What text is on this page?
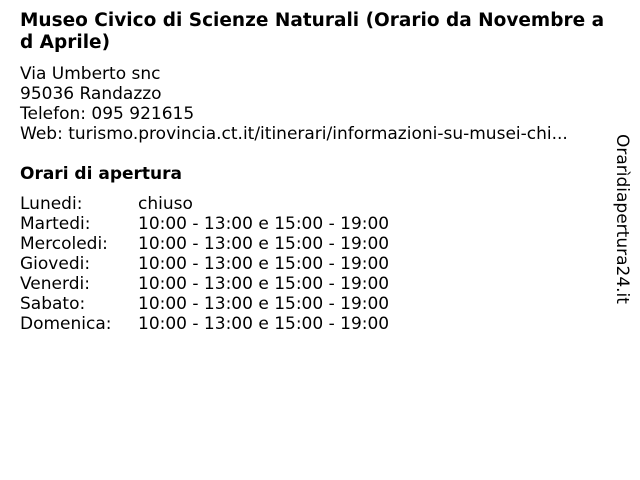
Museo Civico di Scienze Naturali (Orario da Novembre ad Aprile)
Via Umberto snc
95036 Randazzo
Telefon: 095 921615
Web: turismo.provincia.ct.it/itinerari/informazioni-su-musei-chi...
Orari di apertura
Lunedi:	chiuso
Martedi:	10:00 - 13:00 e 15:00 - 19:00
Mercoledi:	10:00 - 13:00 e 15:00 - 19:00
Giovedi:	10:00 - 13:00 e 15:00 - 19:00
Venerdi:	10:00 - 13:00 e 15:00 - 19:00
Sabato:	10:00 - 13:00 e 15:00 - 19:00
Domenica:	10:00 - 13:00 e 15:00 - 19:00
Orarìdiapertura24.it
